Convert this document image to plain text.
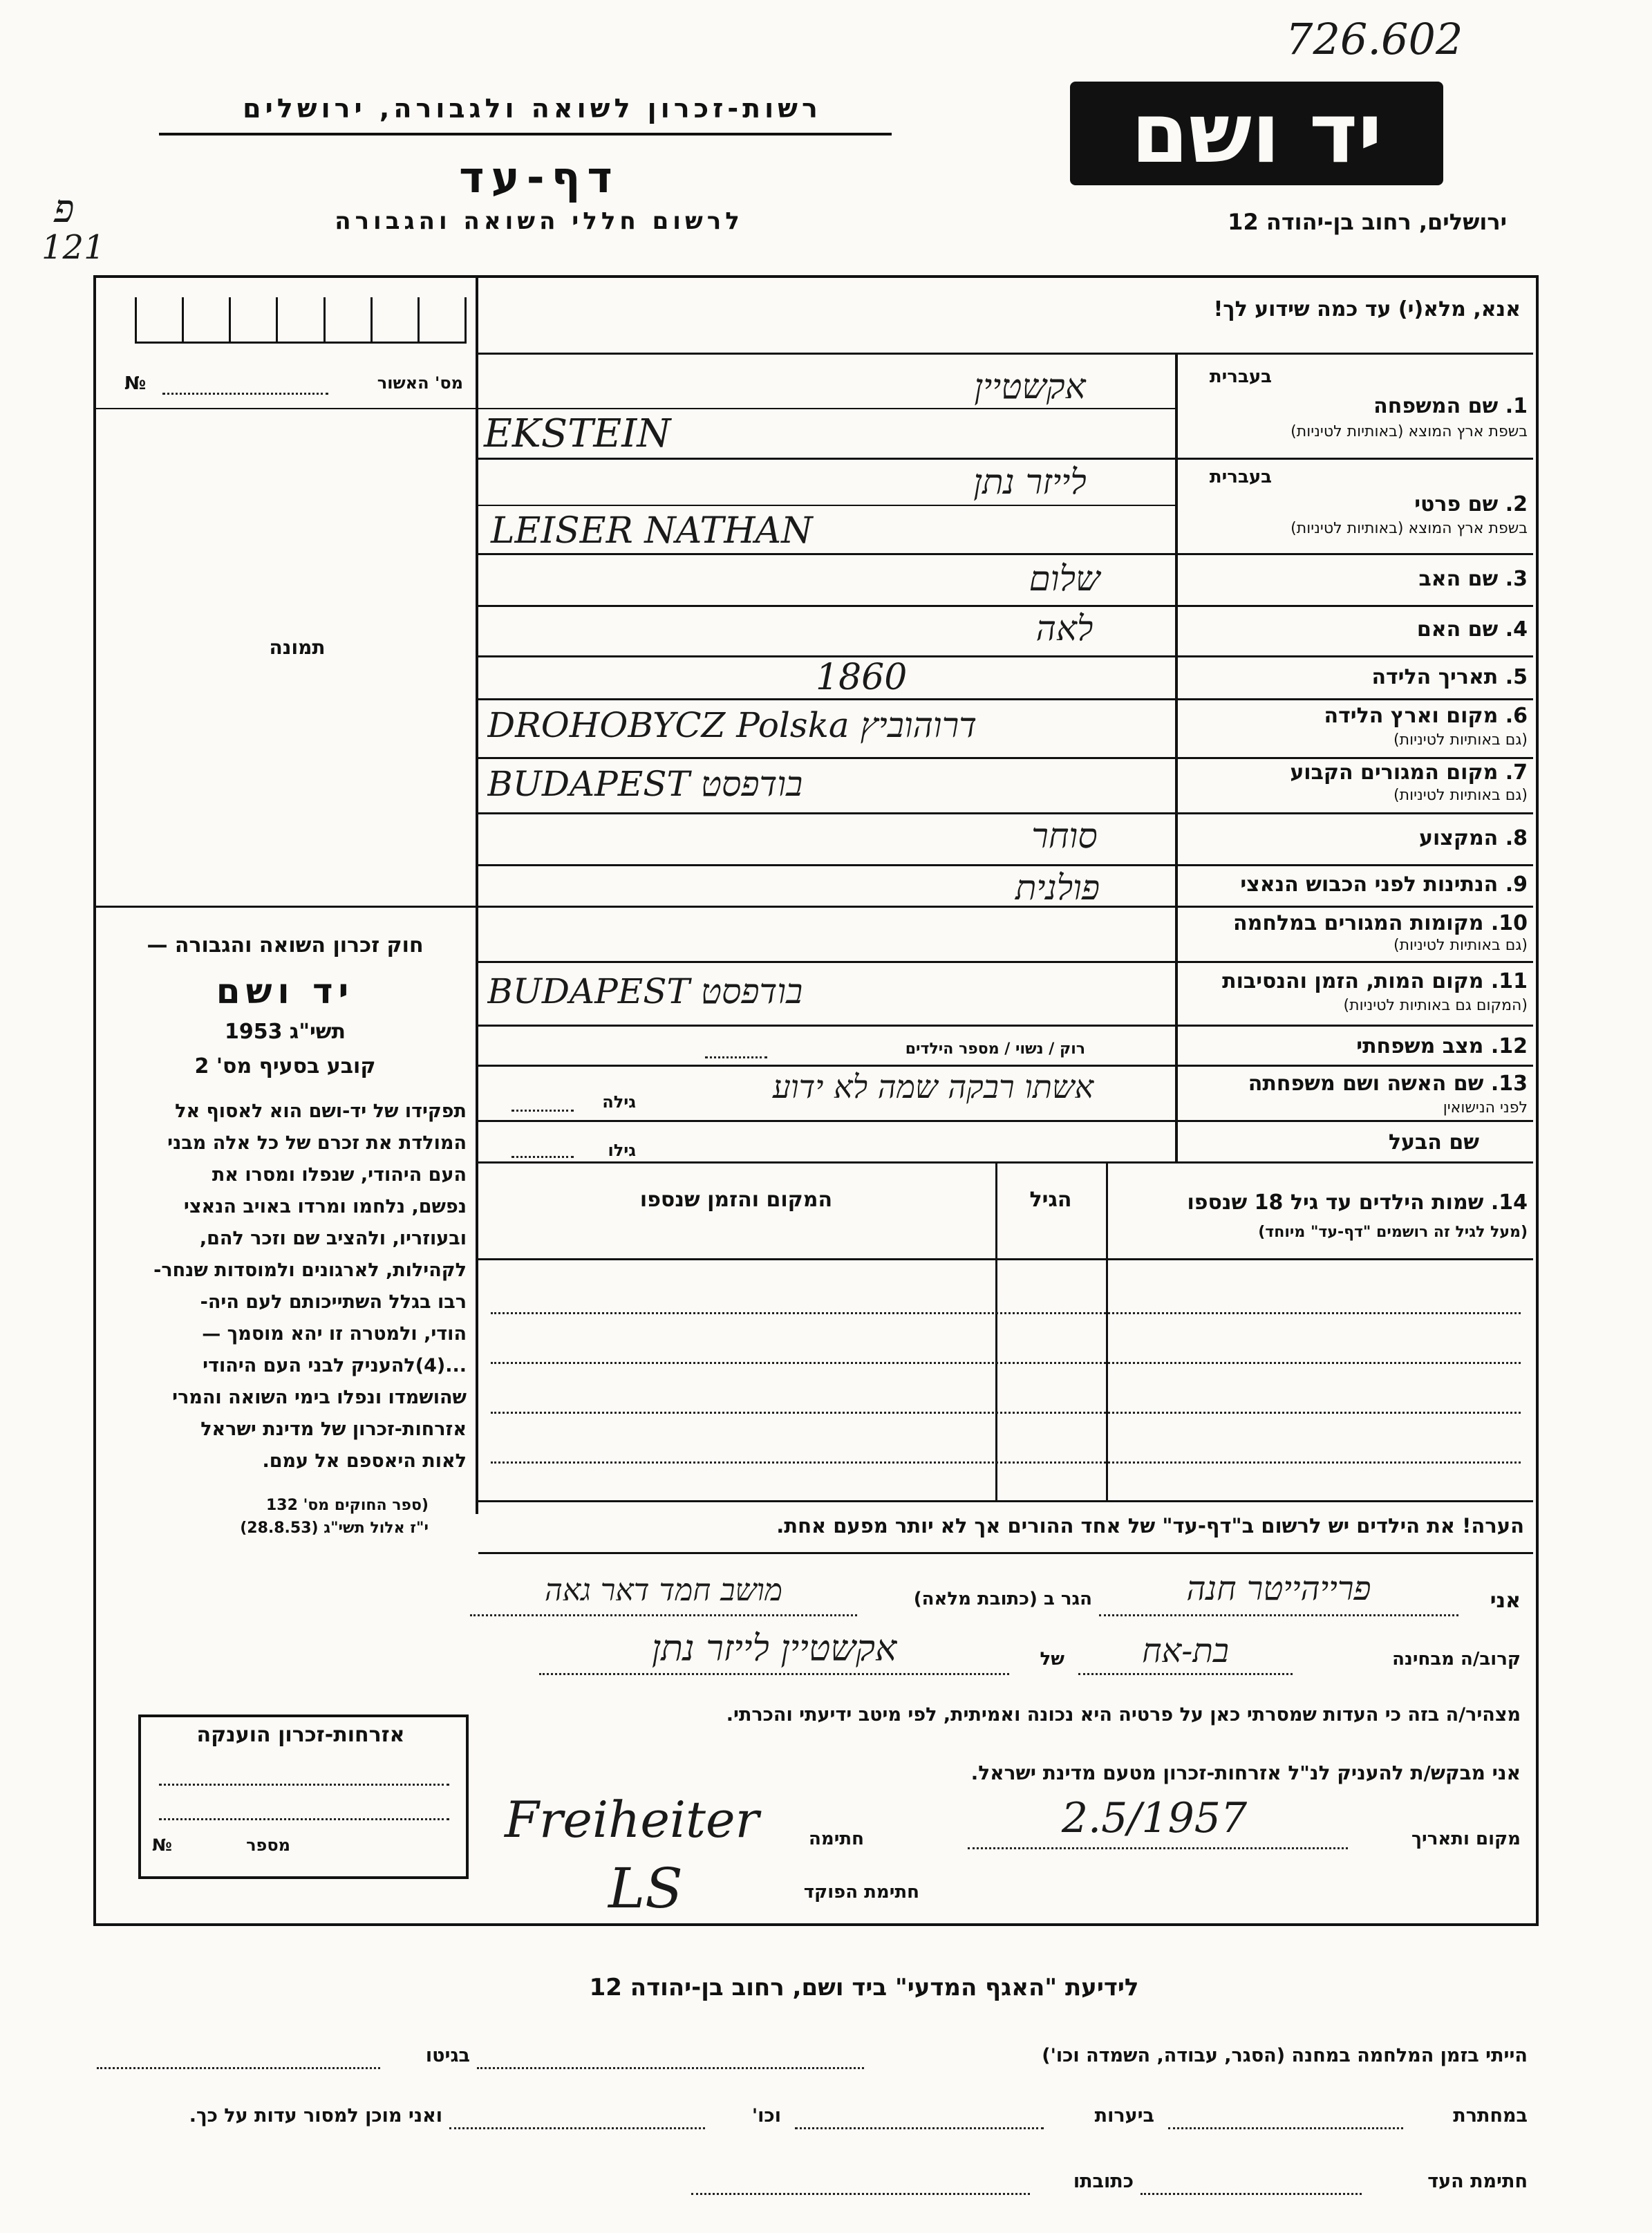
726.602
פ
121
רשות-זכרון לשואה ולגבורה, ירושלים
דף-עד
לרשום חללי השואה והגבורה
יד ושם
ירושלים, רחוב בן-יהודה 12
אנא, מלא(י) עד כמה שידוע לך!
מס' האשור
№
תמונה
חוק זכרון השואה והגבורה —
יד ושם
תשי"ג 1953
קובע בסעיף מס' 2
תפקידו של יד-ושם הוא לאסוף אל
המולדת את זכרם של כל אלה מבני
העם היהודי, שנפלו ומסרו את
נפשם, נלחמו ומרדו באויב הנאצי
ובעוזריו, ולהציב שם וזכר להם,
לקהילות, לארגונים ולמוסדות שנחר-
רבו בגלל השתייכותם לעם היה-
הודי, ולמטרה זו יהא מוסמך —
...(4)להעניק לבני העם היהודי
שהושמדו ונפלו בימי השואה והמרי
אזרחות-זכרון של מדינת ישראל
לאות היאספם אל עמם.
(ספר החוקים מס' 132
י"ז אלול תשי"ג (28.8.53)
בעברית
1. שם המשפחה
בשפת ארץ המוצא (באותיות לטיניות)
אקשטיין
EKSTEIN
בעברית
2. שם פרטי
בשפת ארץ המוצא (באותיות לטיניות)
לייזר נתן
LEISER NATHAN
3. שם האב
שלום
4. שם האם
לאה
5. תאריך הלידה
1860
6. מקום וארץ הלידה
(גם באותיות לטיניות)
DROHOBYCZ Polska דרוהוביץ
7. מקום המגורים הקבוע
(גם באותיות לטיניות)
BUDAPEST בודפסט
8. המקצוע
סוחר
9. הנתינות לפני הכבוש הנאצי
פולנית
10. מקומות המגורים במלחמה
(גם באותיות לטיניות)
11. מקום המות, הזמן והנסיבות
(המקום גם באותיות לטיניות)
BUDAPEST בודפסט
12. מצב משפחתי
רוק / נשוי / מספר הילדים
13. שם האשה ושם משפחתה
לפני הנישואין
אשתו רבקה שמה לא ידוע
גילה
שם הבעל
גילו
14. שמות הילדים עד גיל 18 שנספו
(מעל לגיל זה רושמים "דף-עד" מיוחד)
הגיל
המקום והזמן שנספו
הערה! את הילדים יש לרשום ב"דף-עד" של אחד ההורים אך לא יותר מפעם אחת.
אני
פרייהייטר חנה
הגר ב (כתובת מלאה)
מושב חמד דאר גאה
קרוב/ה מבחינה
בת-אח
של
אקשטיין לייזר נתן
מצהיר/ה בזה כי העדות שמסרתי כאן על פרטיה היא נכונה ואמיתית, לפי מיטב ידיעתי והכרתי.
אני מבקש/ת להעניק לנ"ל אזרחות-זכרון מטעם מדינת ישראל.
מקום ותאריך
2.5/1957
חתימה
Freiheiter
חתימת הפוקד
LS
אזרחות-זכרון הוענקה
מספר
№
לידיעת "האגף המדעי" ביד ושם, רחוב בן-יהודה 12
הייתי בזמן המלחמה במחנה (הסגר, עבודה, השמדה וכו')
בגיטו
במחתרת
ביערות
וכו'
ואני מוכן למסור עדות על כך.
חתימת העד
כתובתו
